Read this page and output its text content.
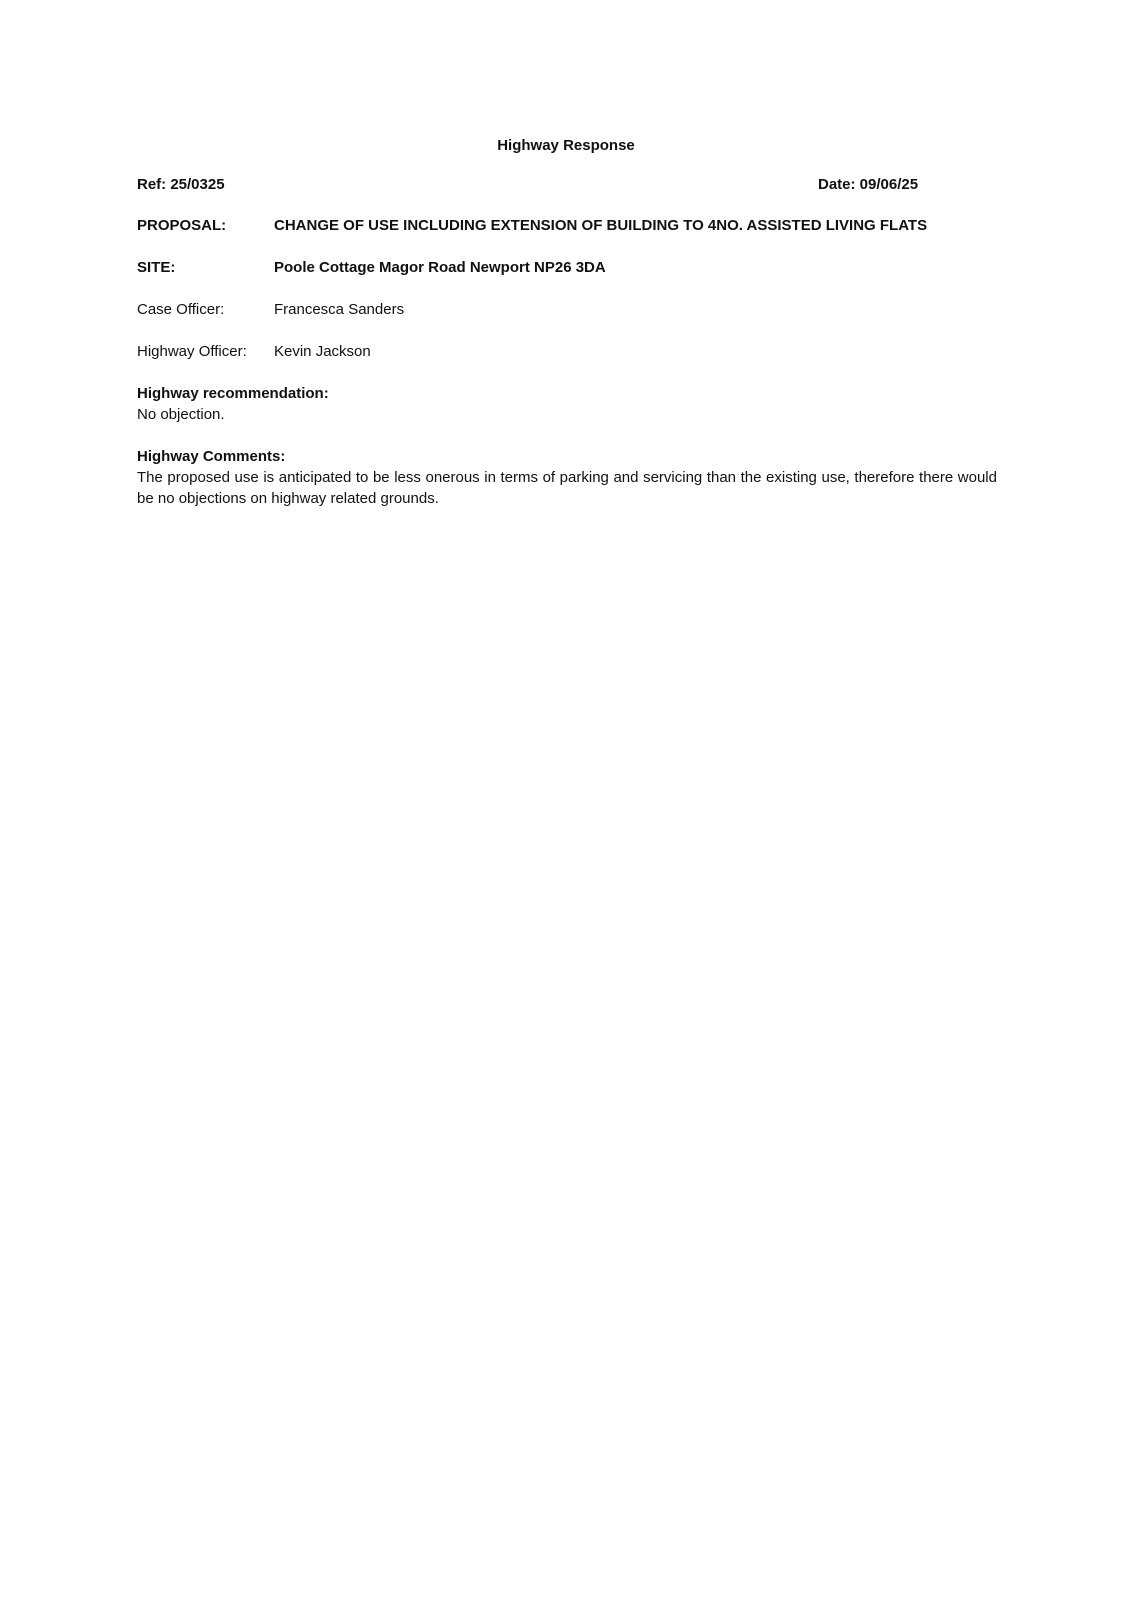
Highway Response
Ref: 25/0325	Date: 09/06/25
PROPOSAL:	CHANGE OF USE INCLUDING EXTENSION OF BUILDING TO 4NO. ASSISTED LIVING FLATS
SITE:	Poole Cottage Magor Road Newport NP26 3DA
Case Officer:	Francesca Sanders
Highway Officer:	Kevin Jackson
Highway recommendation:
No objection.
Highway Comments:
The proposed use is anticipated to be less onerous in terms of parking and servicing than the existing use, therefore there would be no objections on highway related grounds.
